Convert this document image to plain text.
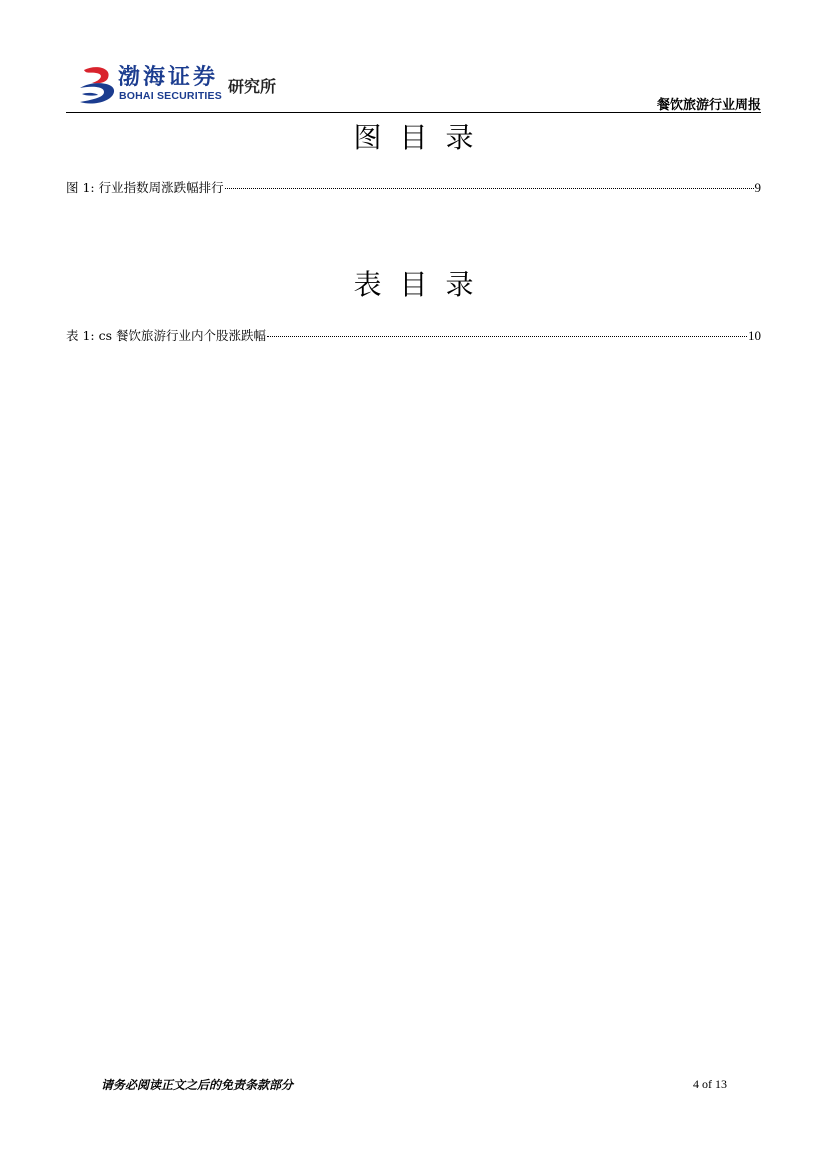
渤海证券
BOHAI SECURITIES 研究所
餐饮旅游行业周报
图目录
图 1: 行业指数周涨跌幅排行	9
表目录
表 1: cs 餐饮旅游行业内个股涨跌幅	10
请务必阅读正文之后的免责条款部分	4 of 13
